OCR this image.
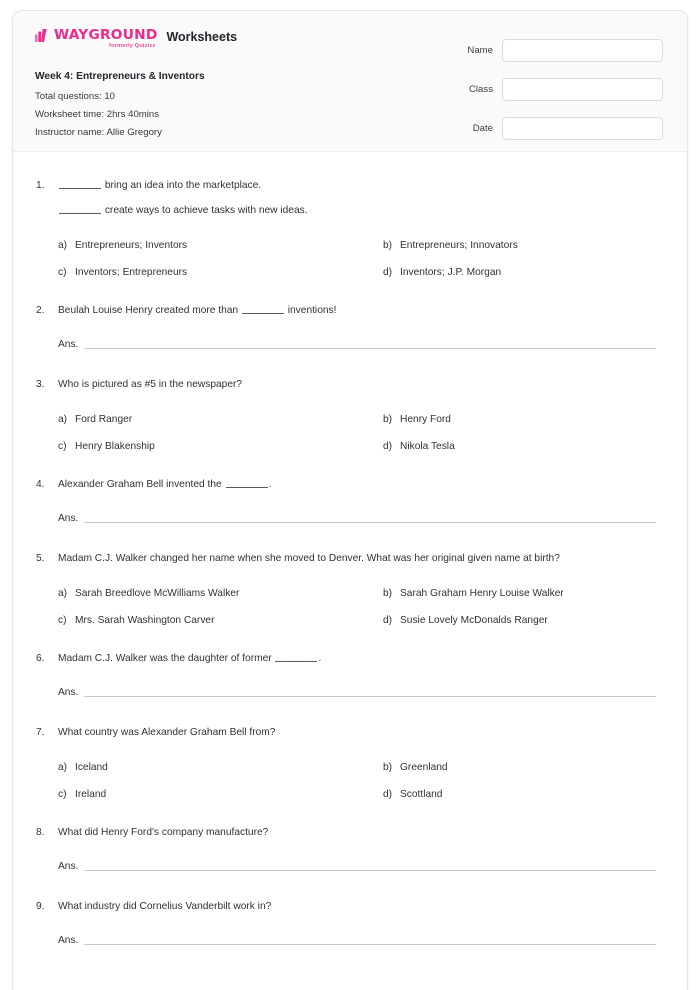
WAYGROUND
formerly Quizizz
Worksheets
Week 4: Entrepreneurs & Inventors
Total questions: 10
Worksheet time: 2hrs 40mins
Instructor name: Allie Gregory
Name
Class
Date
1.	bring an idea into the marketplace.
create ways to achieve tasks with new ideas.
a) Entrepreneurs; Inventors	b) Entrepreneurs; Innovators
c) Inventors; Entrepreneurs	d) Inventors; J.P. Morgan
2.	Beulah Louise Henry created more than	inventions!
Ans.
3.	Who is pictured as #5 in the newspaper?
a) Ford Ranger	b) Henry Ford
c) Henry Blakenship	d) Nikola Tesla
4.	Alexander Graham Bell invented the	.
Ans.
5.	Madam C.J. Walker changed her name when she moved to Denver. What was her original given name at birth?
a) Sarah Breedlove McWilliams Walker	b) Sarah Graham Henry Louise Walker
c) Mrs. Sarah Washington Carver	d) Susie Lovely McDonalds Ranger
6.	Madam C.J. Walker was the daughter of former	.
Ans.
7.	What country was Alexander Graham Bell from?
a) Iceland	b) Greenland
c) Ireland	d) Scottland
8.	What did Henry Ford's company manufacture?
Ans.
9.	What industry did Cornelius Vanderbilt work in?
Ans.
